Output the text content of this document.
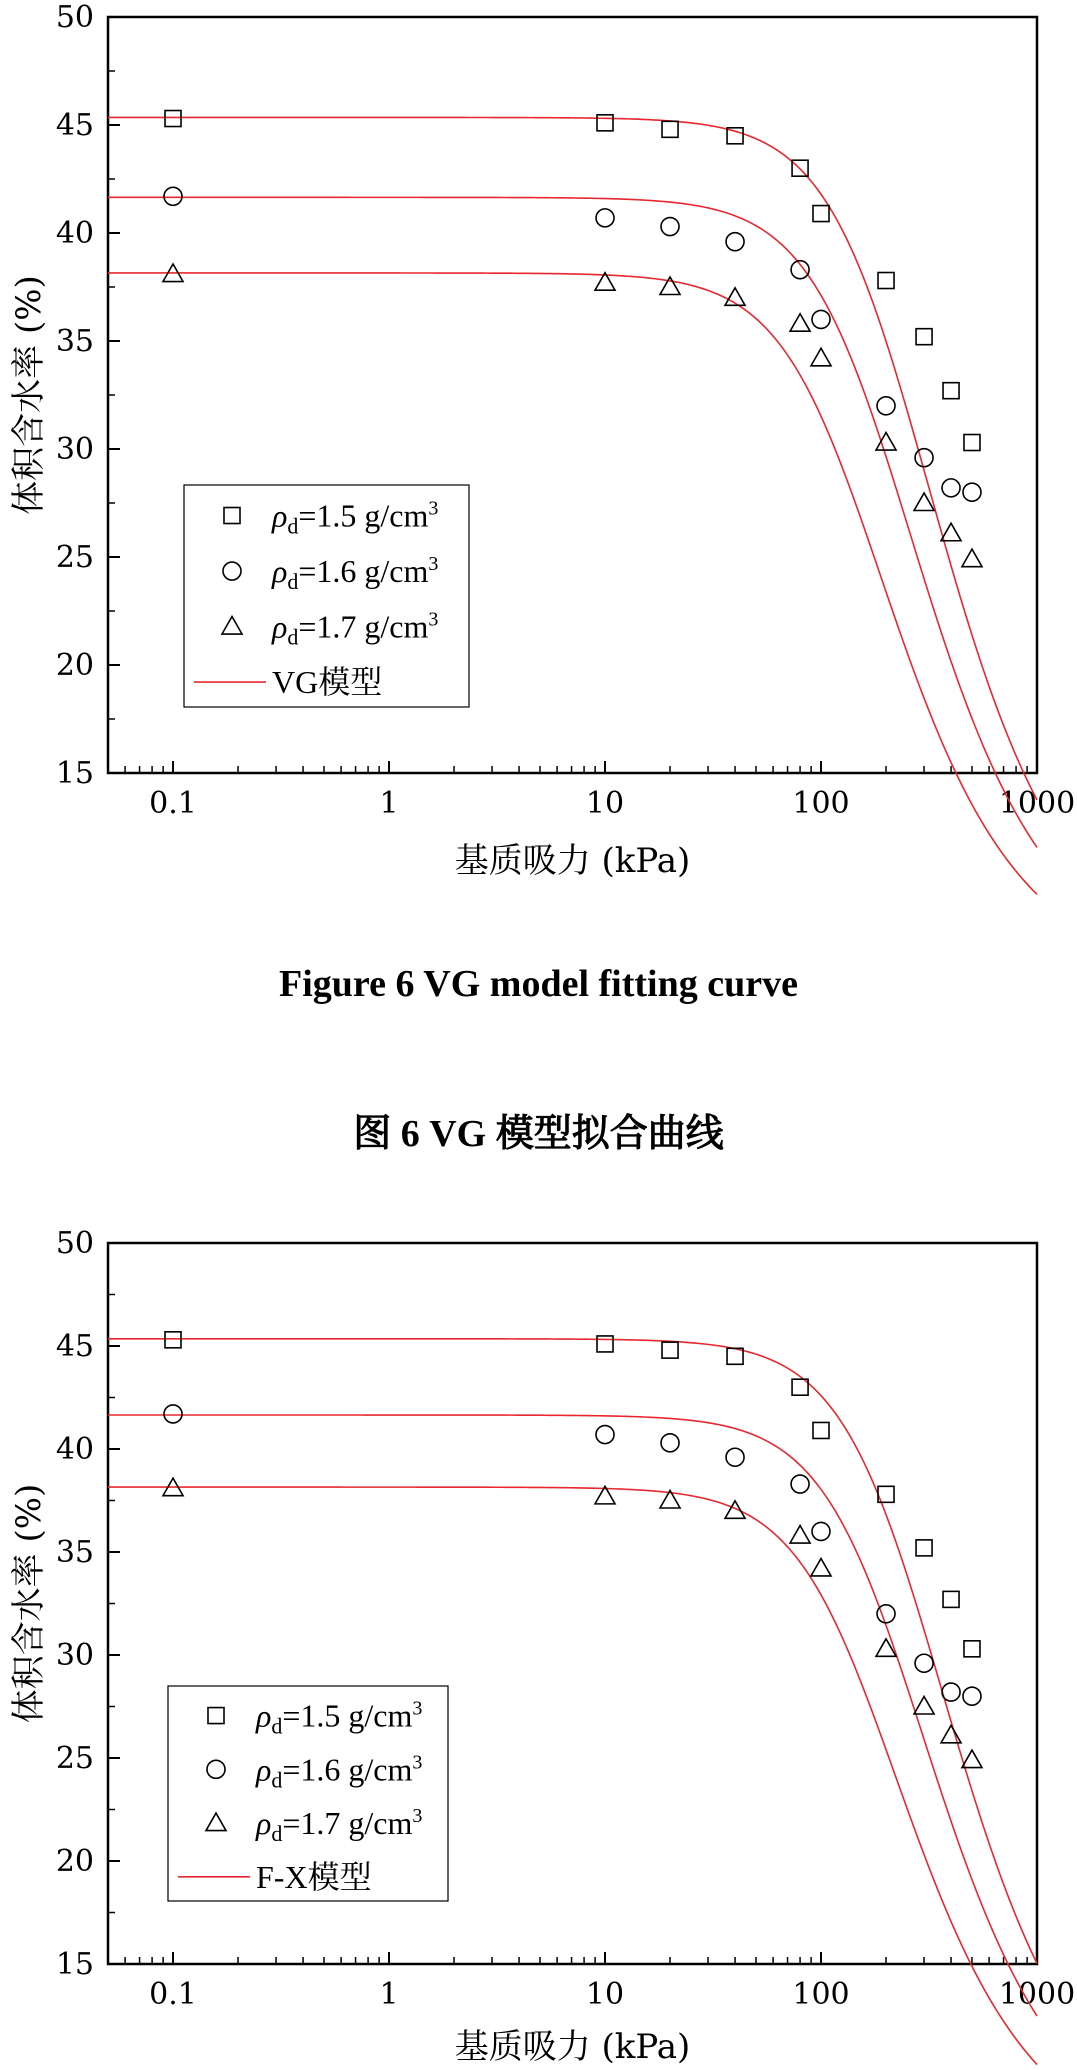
15
20
25
30
35
40
45
50
0.1	1	10	100	1000
基质吸力 (kPa)
体积含水率 (%)
$\rho_d=1.5$ $g/cm^3$
$\rho_d=1.6$ $g/cm^3$
$\rho_d=1.7$ $g/cm^3$
VG模型
Figure 6 VG model fitting curve
图 6 VG 模型拟合曲线
15
20
25
30
35
40
45
50
0.1	1	10	100	1000
基质吸力 (kPa)
体积含水率 (%)	$\rho_d=1.5$ $g/cm^3$
$\rho_d=1.6$ $g/cm^3$
$\rho_d=1.7$ $g/cm^3$
F-X模型
